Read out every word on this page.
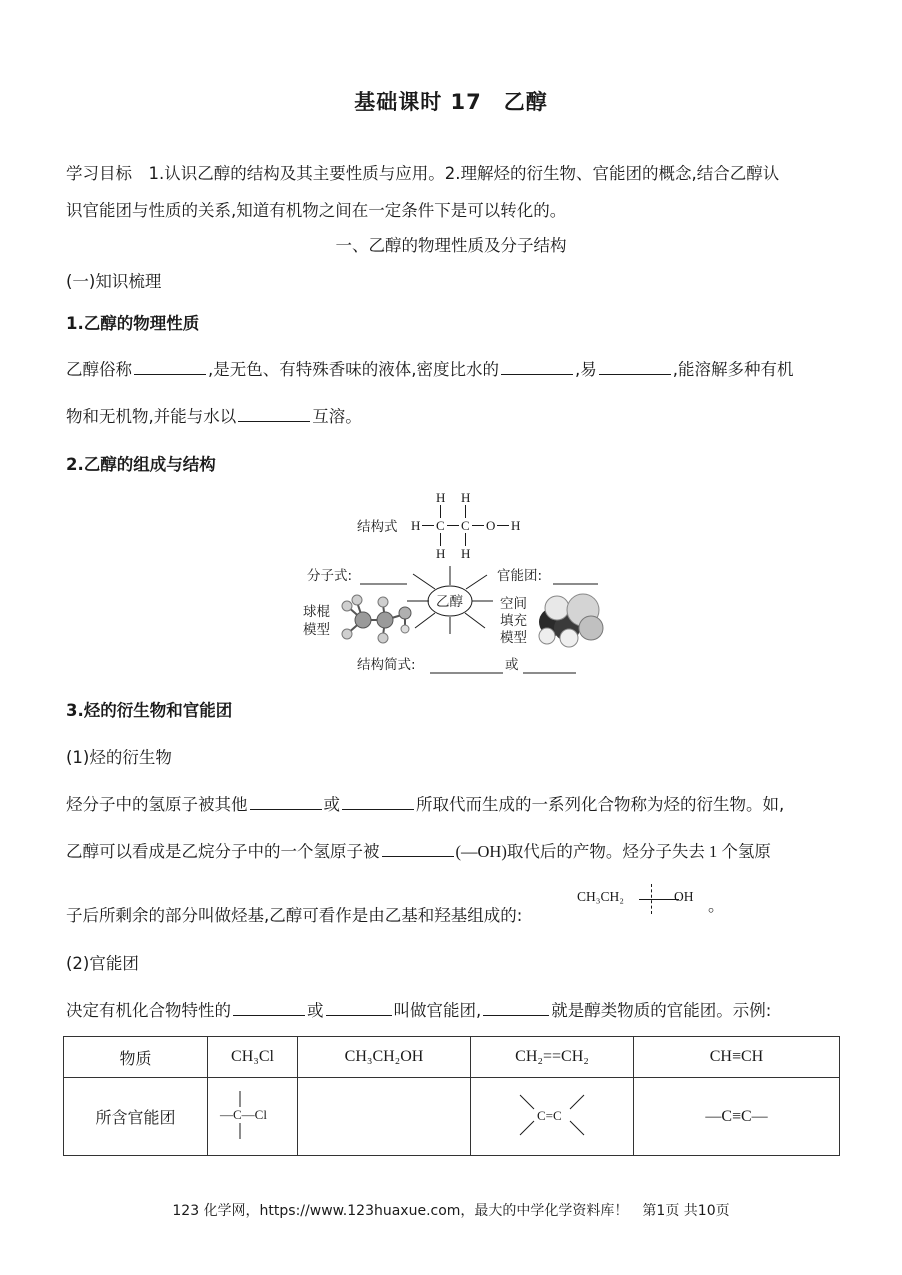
基础课时 17　乙醇
学习目标　1.认识乙醇的结构及其主要性质与应用。2.理解烃的衍生物、官能团的概念,结合乙醇认
识官能团与性质的关系,知道有机物之间在一定条件下是可以转化的。
一、乙醇的物理性质及分子结构
(一)知识梳理
1.乙醇的物理性质
乙醇俗称	,是无色、有特殊香味的液体,密度比水的	,易	,能溶解多种有机
物和无机物,并能与水以	互溶。
2.乙醇的组成与结构
结构式
H H
H C C O H
H H
乙醇
分子式:	官能团:
球棍
模型
空间
填充
模型
结构简式:	或
3.烃的衍生物和官能团
(1)烃的衍生物
烃分子中的氢原子被其他	或	所取代而生成的一系列化合物称为烃的衍生物。如,
乙醇可以看成是乙烷分子中的一个氢原子被	(—OH)取代后的产物。烃分子失去 1 个氢原
子后所剩余的部分叫做烃基,乙醇可看作是由乙基和羟基组成的:
CH₃CH₂	OH 。
(2)官能团
决定有机化合物特性的	或	叫做官能团,	就是醇类物质的官能团。示例:
物质	CH₃Cl	CH₃CH₂OH	CH₂==CH₂	CH≡CH
所含官能团	—C—Cl		C=C	—C≡C—
123 化学网，https://www.123huaxue.com，最大的中学化学资料库！　第1页 共10页
